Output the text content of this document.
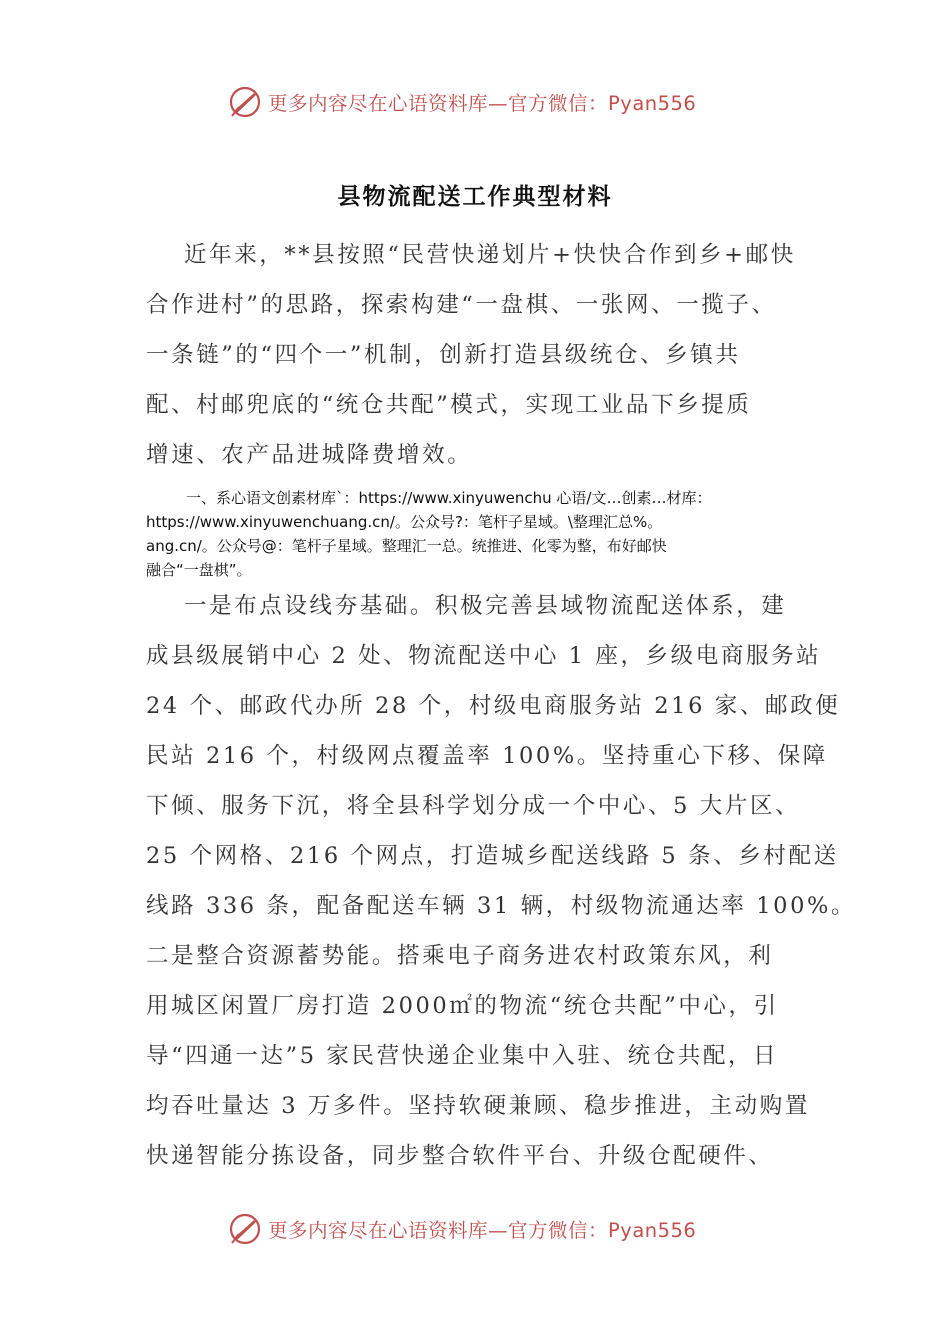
更多内容尽在心语资料库—官方微信：Pyan556
县物流配送工作典型材料
近年来，**县按照“民营快递划片+快快合作到乡+邮快
合作进村”的思路，探索构建“一盘棋、一张网、一揽子、
一条链”的“四个一”机制，创新打造县级统仓、乡镇共
配、村邮兜底的“统仓共配”模式，实现工业品下乡提质
增速、农产品进城降费增效。
一、系心语文创素材库`：https://www.xinyuwenchu 心语/文…创素…材库：
https://www.xinyuwenchuang.cn/。公众号?：笔杆子星域。\整理汇总%。
ang.cn/。公众号@：笔杆子星域。整理汇一总。统推进、化零为整，布好邮快
融合“一盘棋”。
一是布点设线夯基础。积极完善县域物流配送体系，建
成县级展销中心 2 处、物流配送中心 1 座，乡级电商服务站
24 个、邮政代办所 28 个，村级电商服务站 216 家、邮政便
民站 216 个，村级网点覆盖率 100%。坚持重心下移、保障
下倾、服务下沉，将全县科学划分成一个中心、5 大片区、
25 个网格、216 个网点，打造城乡配送线路 5 条、乡村配送
线路 336 条，配备配送车辆 31 辆，村级物流通达率 100%。
二是整合资源蓄势能。搭乘电子商务进农村政策东风，利
用城区闲置厂房打造 2000㎡的物流“统仓共配”中心，引
导“四通一达”5 家民营快递企业集中入驻、统仓共配，日
均吞吐量达 3 万多件。坚持软硬兼顾、稳步推进，主动购置
快递智能分拣设备，同步整合软件平台、升级仓配硬件、
更多内容尽在心语资料库—官方微信：Pyan556
